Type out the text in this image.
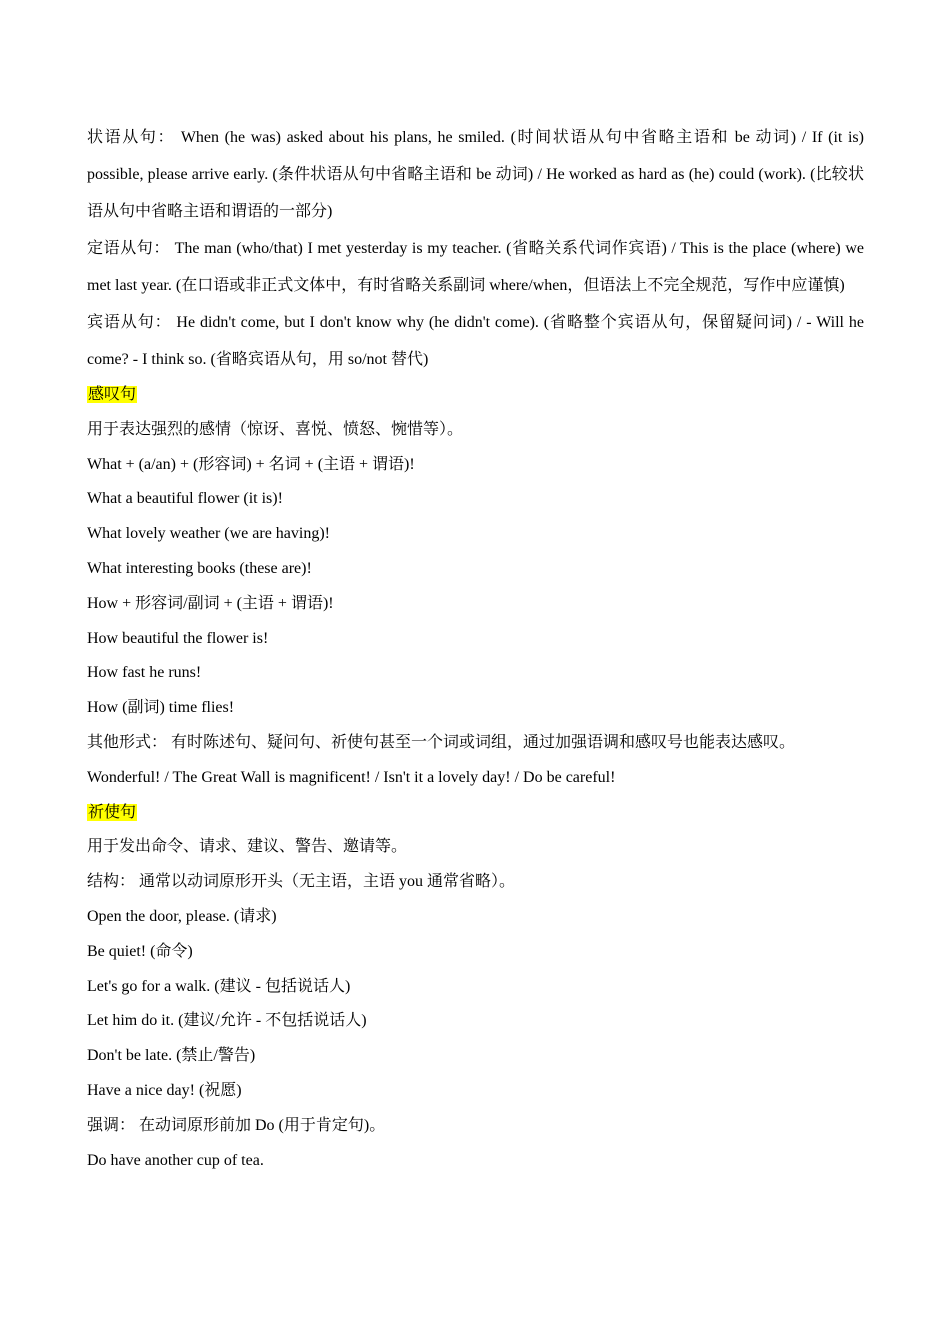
状语从句： When (he was) asked about his plans, he smiled. (时间状语从句中省略主语和 be 动词) / If (it is) possible, please arrive early. (条件状语从句中省略主语和 be 动词) / He worked as hard as (he) could (work). (比较状语从句中省略主语和谓语的一部分)

定语从句： The man (who/that) I met yesterday is my teacher. (省略关系代词作宾语) / This is the place (where) we met last year. (在口语或非正式文体中，有时省略关系副词 where/when，但语法上不完全规范，写作中应谨慎)

宾语从句： He didn't come, but I don't know why (he didn't come). (省略整个宾语从句，保留疑问词) / - Will he come? - I think so. (省略宾语从句，用 so/not 替代)

感叹句

用于表达强烈的感情（惊讶、喜悦、愤怒、惋惜等）。

What + (a/an) + (形容词) + 名词 + (主语 + 谓语)!

What a beautiful flower (it is)!

What lovely weather (we are having)!

What interesting books (these are)!

How + 形容词/副词 + (主语 + 谓语)!

How beautiful the flower is!

How fast he runs!

How (副词) time flies!

其他形式： 有时陈述句、疑问句、祈使句甚至一个词或词组，通过加强语调和感叹号也能表达感叹。

Wonderful! / The Great Wall is magnificent! / Isn't it a lovely day! / Do be careful!

祈使句

用于发出命令、请求、建议、警告、邀请等。

结构： 通常以动词原形开头（无主语，主语 you 通常省略）。

Open the door, please. (请求)

Be quiet! (命令)

Let's go for a walk. (建议 - 包括说话人)

Let him do it. (建议/允许 - 不包括说话人)

Don't be late. (禁止/警告)

Have a nice day! (祝愿)

强调： 在动词原形前加 Do (用于肯定句)。

Do have another cup of tea.
